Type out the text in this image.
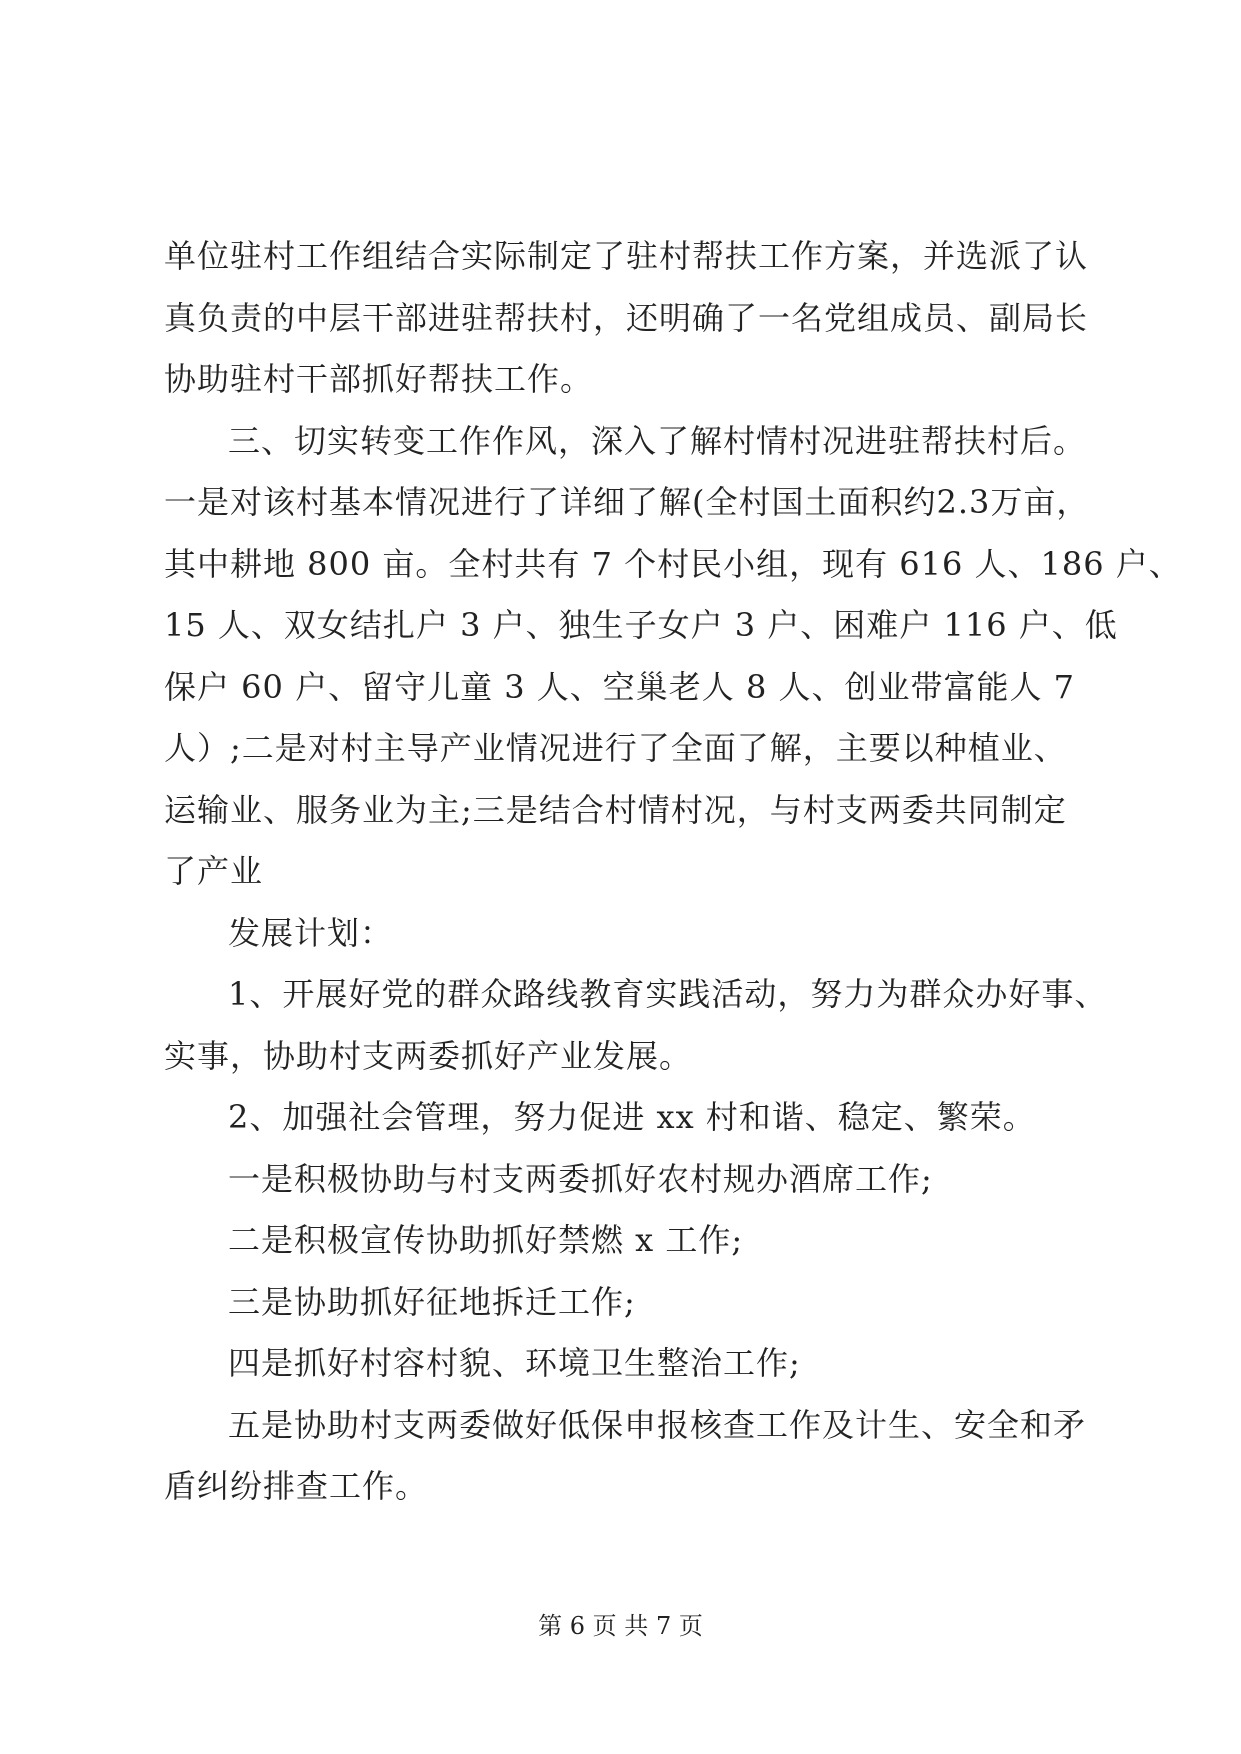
单位驻村工作组结合实际制定了驻村帮扶工作方案，并选派了认
真负责的中层干部进驻帮扶村，还明确了一名党组成员、副局长
协助驻村干部抓好帮扶工作。
三、切实转变工作作风，深入了解村情村况进驻帮扶村后。
一是对该村基本情况进行了详细了解(全村国土面积约2.3万亩，
其中耕地 800 亩。全村共有 7 个村民小组，现有 616 人、186 户、
15 人、双女结扎户 3 户、独生子女户 3 户、困难户 116 户、低
保户 60 户、留守儿童 3 人、空巢老人 8 人、创业带富能人 7
人）;二是对村主导产业情况进行了全面了解，主要以种植业、
运输业、服务业为主;三是结合村情村况，与村支两委共同制定
了产业
发展计划：
1、开展好党的群众路线教育实践活动，努力为群众办好事、
实事，协助村支两委抓好产业发展。
2、加强社会管理，努力促进 xx 村和谐、稳定、繁荣。
一是积极协助与村支两委抓好农村规办酒席工作;
二是积极宣传协助抓好禁燃 x 工作;
三是协助抓好征地拆迁工作;
四是抓好村容村貌、环境卫生整治工作;
五是协助村支两委做好低保申报核查工作及计生、安全和矛
盾纠纷排查工作。
第 6 页 共 7 页
